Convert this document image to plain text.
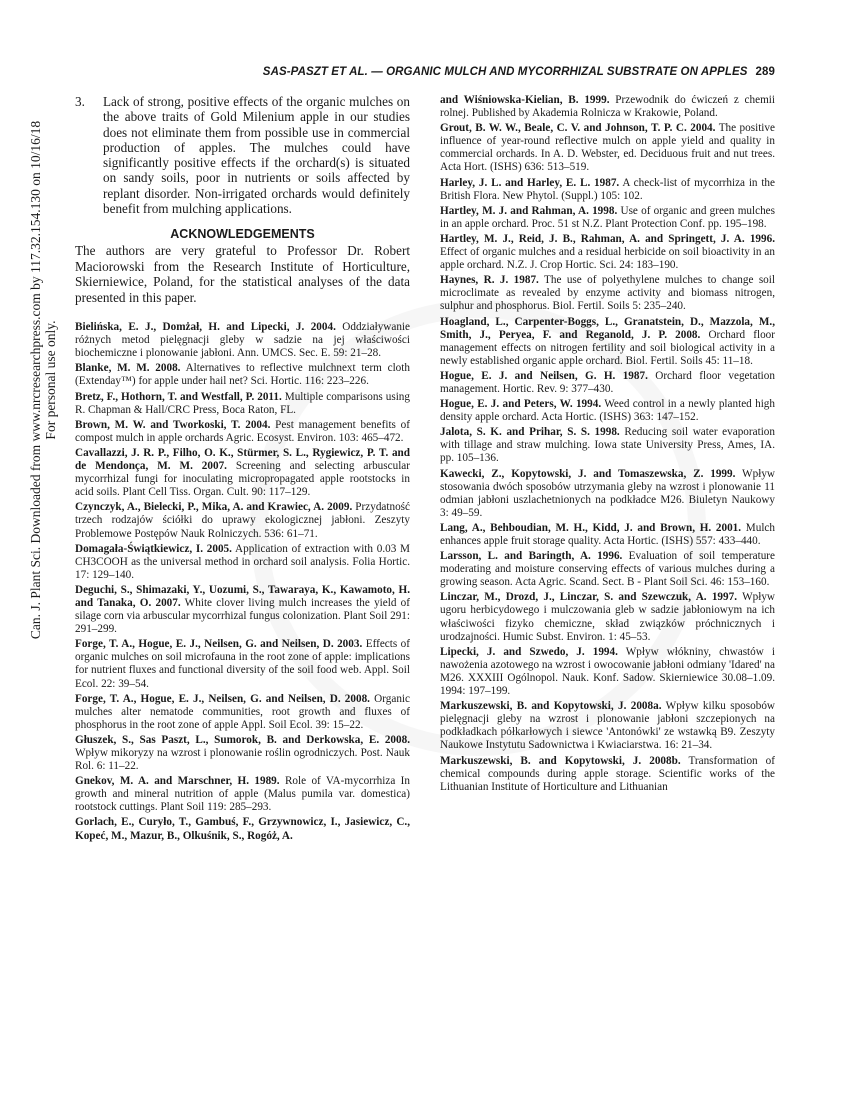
SAS-PASZT ET AL. — ORGANIC MULCH AND MYCORRHIZAL SUBSTRATE ON APPLES 289
Can. J. Plant Sci. Downloaded from www.nrcresearchpress.com by 117.32.154.130 on 10/16/18 For personal use only.
3.	Lack of strong, positive effects of the organic mulches on the above traits of Gold Milenium apple in our studies does not eliminate them from possible use in commercial production of apples. The mulches could have significantly positive effects if the orchard(s) is situated on sandy soils, poor in nutrients or soils affected by replant disorder. Non-irrigated orchards would definitely benefit from mulching applications.
ACKNOWLEDGEMENTS

The authors are very grateful to Professor Dr. Robert Maciorowski from the Research Institute of Horticulture, Skierniewice, Poland, for the statistical analyses of the data presented in this paper.

Bielińska, E. J., Domżał, H. and Lipecki, J. 2004. Oddziaływanie różnych metod pielęgnacji gleby w sadzie na jej właściwości biochemiczne i plonowanie jabłoni. Ann. UMCS. Sec. E. 59: 21–28.

Blanke, M. M. 2008. Alternatives to reflective mulchnext term cloth (Extenday™) for apple under hail net? Sci. Hortic. 116: 223–226.

Bretz, F., Hothorn, T. and Westfall, P. 2011. Multiple comparisons using R. Chapman & Hall/CRC Press, Boca Raton, FL.

Brown, M. W. and Tworkoski, T. 2004. Pest management benefits of compost mulch in apple orchards Agric. Ecosyst. Environ. 103: 465–472.

Cavallazzi, J. R. P., Filho, O. K., Stürmer, S. L., Rygiewicz, P. T. and de Mendonça, M. M. 2007. Screening and selecting arbuscular mycorrhizal fungi for inoculating micropropagated apple rootstocks in acid soils. Plant Cell Tiss. Organ. Cult. 90: 117–129.

Czynczyk, A., Bielecki, P., Mika, A. and Krawiec, A. 2009. Przydatność trzech rodzajów ściółki do uprawy ekologicznej jabłoni. Zeszyty Problemowe Postępów Nauk Rolniczych. 536: 61–71.

Domagała-Świątkiewicz, I. 2005. Application of extraction with 0.03 M CH3COOH as the universal method in orchard soil analysis. Folia Hortic. 17: 129–140.

Deguchi, S., Shimazaki, Y., Uozumi, S., Tawaraya, K., Kawamoto, H. and Tanaka, O. 2007. White clover living mulch increases the yield of silage corn via arbuscular mycorrhizal fungus colonization. Plant Soil 291: 291–299.

Forge, T. A., Hogue, E. J., Neilsen, G. and Neilsen, D. 2003. Effects of organic mulches on soil microfauna in the root zone of apple: implications for nutrient fluxes and functional diversity of the soil food web. Appl. Soil Ecol. 22: 39–54.

Forge, T. A., Hogue, E. J., Neilsen, G. and Neilsen, D. 2008. Organic mulches alter nematode communities, root growth and fluxes of phosphorus in the root zone of apple Appl. Soil Ecol. 39: 15–22.

Głuszek, S., Sas Paszt, L., Sumorok, B. and Derkowska, E. 2008. Wpływ mikoryzy na wzrost i plonowanie roślin ogrodniczych. Post. Nauk Rol. 6: 11–22.

Gnekov, M. A. and Marschner, H. 1989. Role of VA-mycorrhiza In growth and mineral nutrition of apple (Malus pumila var. domestica) rootstock cuttings. Plant Soil 119: 285–293.

Gorlach, E., Curyło, T., Gambuś, F., Grzywnowicz, I., Jasiewicz, C., Kopeć, M., Mazur, B., Olkuśnik, S., Rogóż, A.

and Wiśniowska-Kielian, B. 1999. Przewodnik do ćwiczeń z chemii rolnej. Published by Akademia Rolnicza w Krakowie, Poland.

Grout, B. W. W., Beale, C. V. and Johnson, T. P. C. 2004. The positive influence of year-round reflective mulch on apple yield and quality in commercial orchards. In A. D. Webster, ed. Deciduous fruit and nut trees. Acta Hort. (ISHS) 636: 513–519.

Harley, J. L. and Harley, E. L. 1987. A check-list of mycorrhiza in the British Flora. New Phytol. (Suppl.) 105: 102.

Hartley, M. J. and Rahman, A. 1998. Use of organic and green mulches in an apple orchard. Proc. 51 st N.Z. Plant Protection Conf. pp. 195–198.

Hartley, M. J., Reid, J. B., Rahman, A. and Springett, J. A. 1996. Effect of organic mulches and a residual herbicide on soil bioactivity in an apple orchard. N.Z. J. Crop Hortic. Sci. 24: 183–190.

Haynes, R. J. 1987. The use of polyethylene mulches to change soil microclimate as revealed by enzyme activity and biomass nitrogen, sulphur and phosphorus. Biol. Fertil. Soils 5: 235–240.

Hoagland, L., Carpenter-Boggs, L., Granatstein, D., Mazzola, M., Smith, J., Peryea, F. and Reganold, J. P. 2008. Orchard floor management effects on nitrogen fertility and soil biological activity in a newly established organic apple orchard. Biol. Fertil. Soils 45: 11–18.

Hogue, E. J. and Neilsen, G. H. 1987. Orchard floor vegetation management. Hortic. Rev. 9: 377–430.

Hogue, E. J. and Peters, W. 1994. Weed control in a newly planted high density apple orchard. Acta Hortic. (ISHS) 363: 147–152.

Jalota, S. K. and Prihar, S. S. 1998. Reducing soil water evaporation with tillage and straw mulching. Iowa state University Press, Ames, IA. pp. 105–136.

Kawecki, Z., Kopytowski, J. and Tomaszewska, Z. 1999. Wpływ stosowania dwóch sposobów utrzymania gleby na wzrost i plonowanie 11 odmian jabłoni uszlachetnionych na podkładce M26. Biuletyn Naukowy 3: 49–59.

Lang, A., Behboudian, M. H., Kidd, J. and Brown, H. 2001. Mulch enhances apple fruit storage quality. Acta Hortic. (ISHS) 557: 433–440.

Larsson, L. and Baringth, A. 1996. Evaluation of soil temperature moderating and moisture conserving effects of various mulches during a growing season. Acta Agric. Scand. Sect. B - Plant Soil Sci. 46: 153–160.

Linczar, M., Drozd, J., Linczar, S. and Szewczuk, A. 1997. Wpływ ugoru herbicydowego i mulczowania gleb w sadzie jabłoniowym na ich właściwości fizyko chemiczne, skład związków próchnicznych i urodzajności. Humic Subst. Environ. 1: 45–53.

Lipecki, J. and Szwedo, J. 1994. Wpływ włókniny, chwastów i nawożenia azotowego na wzrost i owocowanie jabłoni odmiany 'Idared' na M26. XXXIII Ogólnopol. Nauk. Konf. Sadow. Skierniewice 30.08–1.09. 1994: 197–199.

Markuszewski, B. and Kopytowski, J. 2008a. Wpływ kilku sposobów pielęgnacji gleby na wzrost i plonowanie jabłoni szczepionych na podkładkach półkarłowych i siewce 'Antonówki' ze wstawką B9. Zeszyty Naukowe Instytutu Sadownictwa i Kwiaciarstwa. 16: 21–34.

Markuszewski, B. and Kopytowski, J. 2008b. Transformation of chemical compounds during apple storage. Scientific works of the Lithuanian Institute of Horticulture and Lithuanian
